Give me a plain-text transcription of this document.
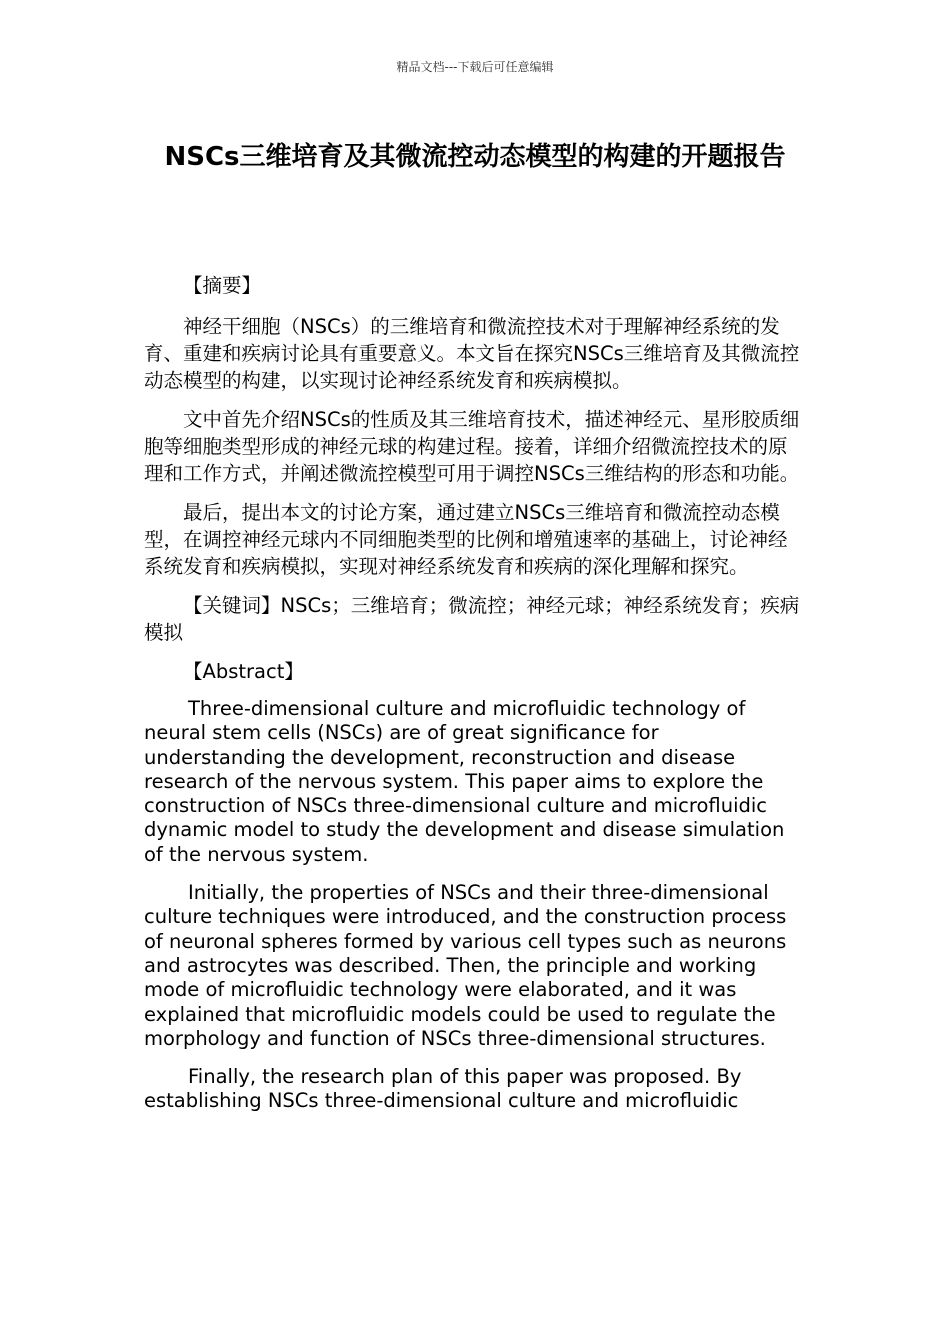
精品文档---下载后可任意编辑
NSCs三维培育及其微流控动态模型的构建的开题报告

【摘要】

神经干细胞（NSCs）的三维培育和微流控技术对于理解神经系统的发育、重建和疾病讨论具有重要意义。本文旨在探究NSCs三维培育及其微流控动态模型的构建，以实现讨论神经系统发育和疾病模拟。

文中首先介绍NSCs的性质及其三维培育技术，描述神经元、星形胶质细胞等细胞类型形成的神经元球的构建过程。接着，详细介绍微流控技术的原理和工作方式，并阐述微流控模型可用于调控NSCs三维结构的形态和功能。

最后，提出本文的讨论方案，通过建立NSCs三维培育和微流控动态模型，在调控神经元球内不同细胞类型的比例和增殖速率的基础上，讨论神经系统发育和疾病模拟，实现对神经系统发育和疾病的深化理解和探究。

【关键词】NSCs；三维培育；微流控；神经元球；神经系统发育；疾病模拟

【Abstract】

Three-dimensional culture and microfluidic technology of neural stem cells (NSCs) are of great significance for understanding the development, reconstruction and disease research of the nervous system. This paper aims to explore the construction of NSCs three-dimensional culture and microfluidic dynamic model to study the development and disease simulation of the nervous system.

Initially, the properties of NSCs and their three-dimensional culture techniques were introduced, and the construction process of neuronal spheres formed by various cell types such as neurons and astrocytes was described. Then, the principle and working mode of microfluidic technology were elaborated, and it was explained that microfluidic models could be used to regulate the morphology and function of NSCs three-dimensional structures.

Finally, the research plan of this paper was proposed. By establishing NSCs three-dimensional culture and microfluidic
